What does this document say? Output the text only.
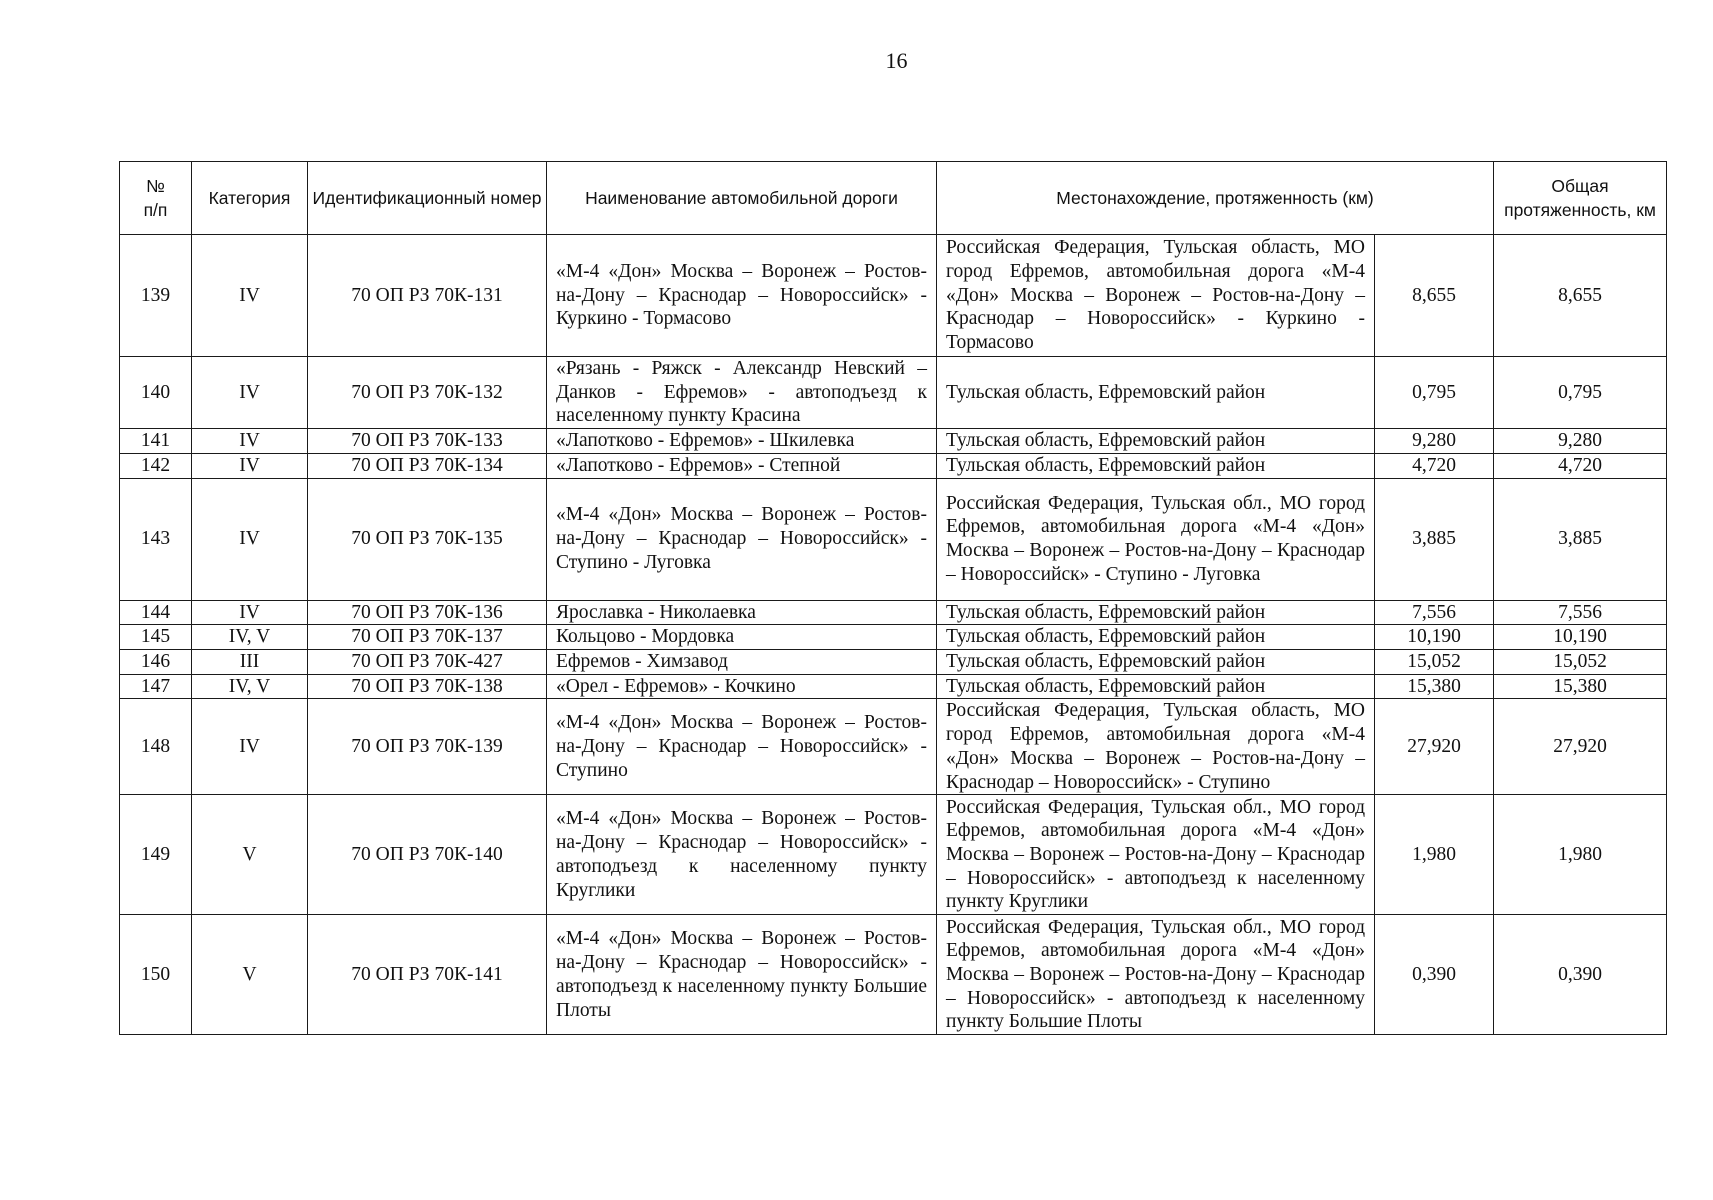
16
№
п/п	Категория	Идентификационный номер	Наименование автомобильной дороги	Местонахождение, протяженность (км)		Общая протяженность, км
139	IV	70 ОП РЗ 70К-131	«М-4 «Дон» Москва – Воронеж – Ростов-на-Дону – Краснодар – Новороссийск» - Куркино - Тормасово	Российская Федерация, Тульская область, МО город Ефремов, автомобильная дорога «М-4 «Дон» Москва – Воронеж – Ростов-на-Дону – Краснодар – Новороссийск» - Куркино - Тормасово	8,655	8,655
140	IV	70 ОП РЗ 70К-132	«Рязань - Ряжск - Александр Невский – Данков - Ефремов» - автоподъезд к населенному пункту Красина	Тульская область, Ефремовский район	0,795	0,795
141	IV	70 ОП РЗ 70К-133	«Лапотково - Ефремов» - Шкилевка	Тульская область, Ефремовский район	9,280	9,280
142	IV	70 ОП РЗ 70К-134	«Лапотково - Ефремов» - Степной	Тульская область, Ефремовский район	4,720	4,720
143	IV	70 ОП РЗ 70К-135	«М-4 «Дон» Москва – Воронеж – Ростов-на-Дону – Краснодар – Новороссийск» - Ступино - Луговка	Российская Федерация, Тульская обл., МО город Ефремов, автомобильная дорога «М-4 «Дон» Москва – Воронеж – Ростов-на-Дону – Краснодар – Новороссийск» - Ступино - Луговка	3,885	3,885
144	IV	70 ОП РЗ 70К-136	Ярославка - Николаевка	Тульская область, Ефремовский район	7,556	7,556
145	IV, V	70 ОП РЗ 70К-137	Кольцово - Мордовка	Тульская область, Ефремовский район	10,190	10,190
146	III	70 ОП РЗ 70К-427	Ефремов - Химзавод	Тульская область, Ефремовский район	15,052	15,052
147	IV, V	70 ОП РЗ 70К-138	«Орел - Ефремов» - Кочкино	Тульская область, Ефремовский район	15,380	15,380
148	IV	70 ОП РЗ 70К-139	«М-4 «Дон» Москва – Воронеж – Ростов-на-Дону – Краснодар – Новороссийск» - Ступино	Российская Федерация, Тульская область, МО город Ефремов, автомобильная дорога «М-4 «Дон» Москва – Воронеж – Ростов-на-Дону – Краснодар – Новороссийск» - Ступино	27,920	27,920
149	V	70 ОП РЗ 70К-140	«М-4 «Дон» Москва – Воронеж – Ростов-на-Дону – Краснодар – Новороссийск» - автоподъезд к населенному пункту Круглики	Российская Федерация, Тульская обл., МО город Ефремов, автомобильная дорога «М-4 «Дон» Москва – Воронеж – Ростов-на-Дону – Краснодар – Новороссийск» - автоподъезд к населенному пункту Круглики	1,980	1,980
150	V	70 ОП РЗ 70К-141	«М-4 «Дон» Москва – Воронеж – Ростов-на-Дону – Краснодар – Новороссийск» - автоподъезд к населенному пункту Большие Плоты	Российская Федерация, Тульская обл., МО город Ефремов, автомобильная дорога «М-4 «Дон» Москва – Воронеж – Ростов-на-Дону – Краснодар – Новороссийск» - автоподъезд к населенному пункту Большие Плоты	0,390	0,390
